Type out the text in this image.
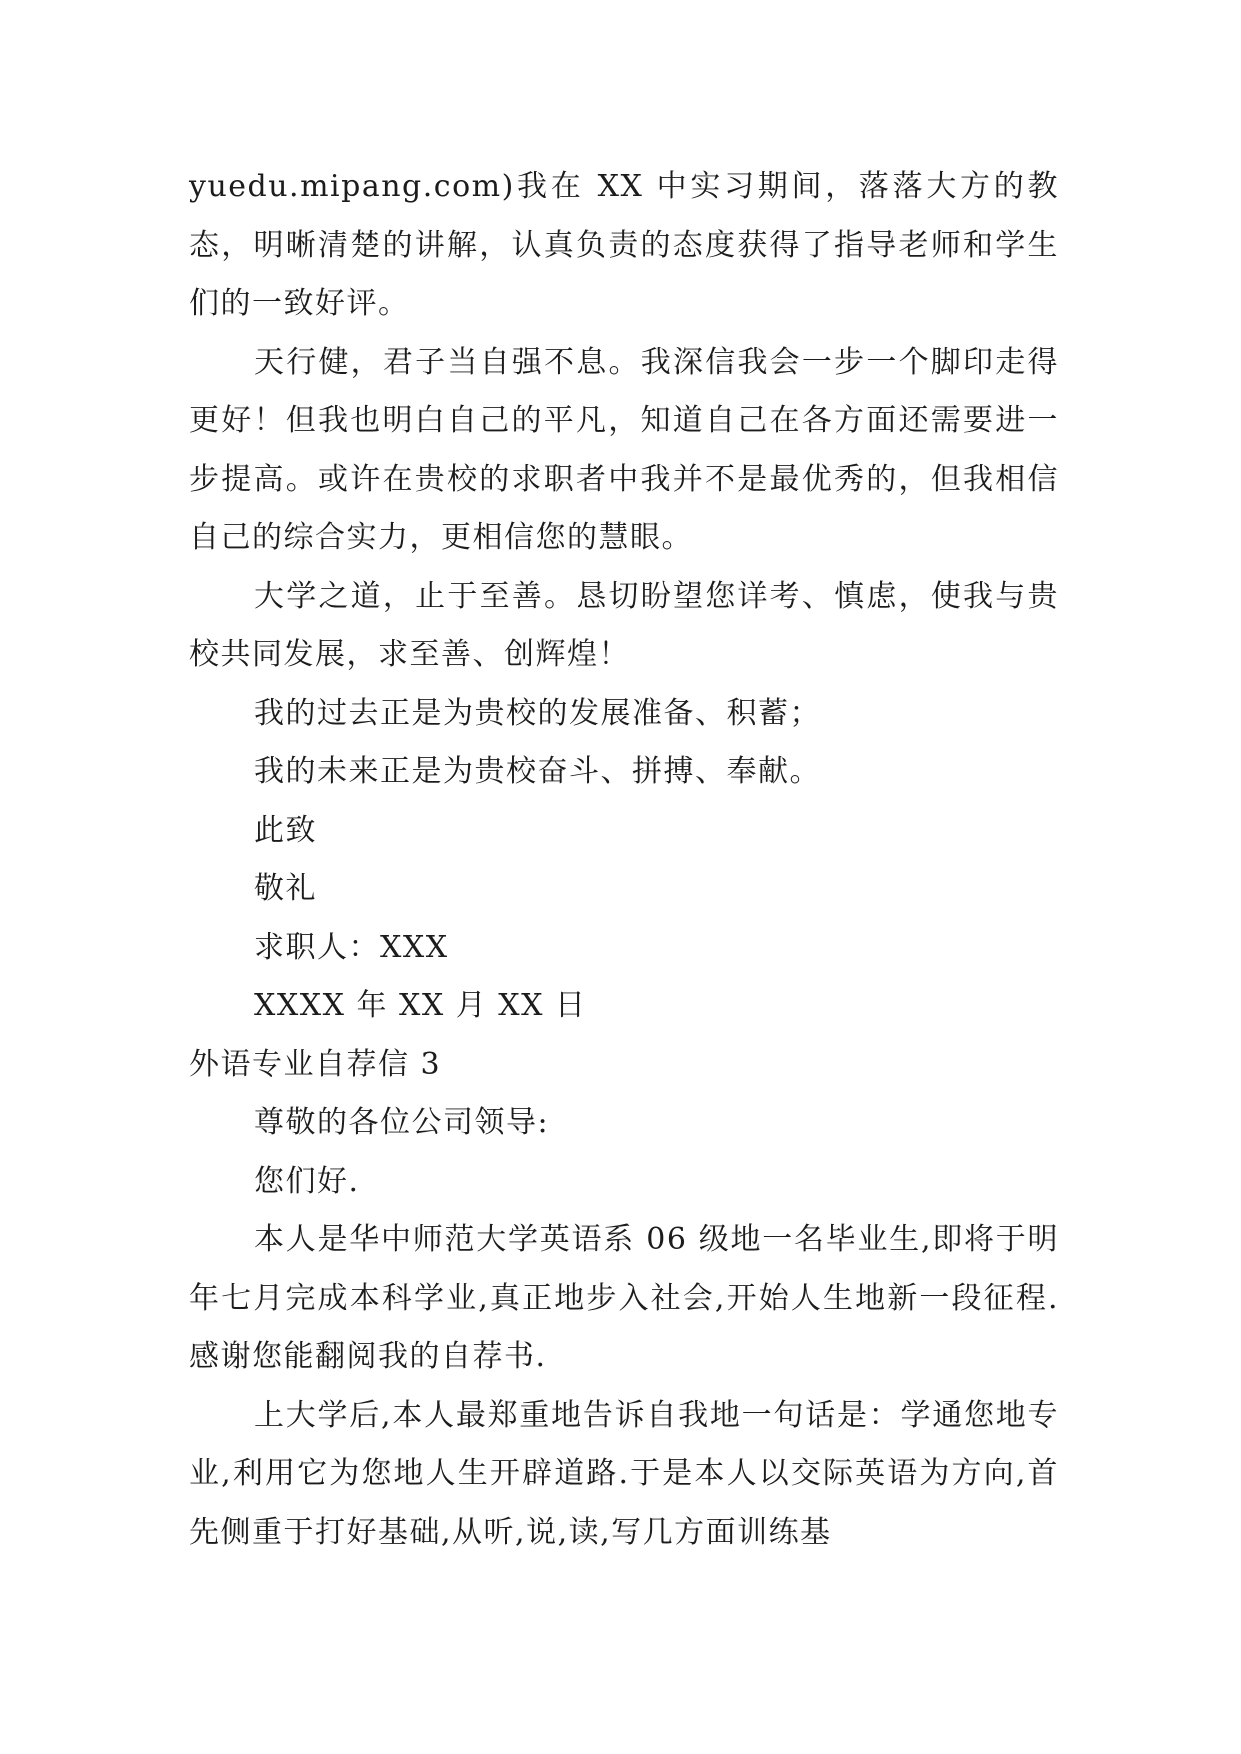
yuedu.mipang.com)我在 XX 中实习期间，落落大方的教态，明晰清楚的讲解，认真负责的态度获得了指导老师和学生们的一致好评。

天行健，君子当自强不息。我深信我会一步一个脚印走得更好！但我也明白自己的平凡，知道自己在各方面还需要进一步提高。或许在贵校的求职者中我并不是最优秀的，但我相信自己的综合实力，更相信您的慧眼。

大学之道，止于至善。恳切盼望您详考、慎虑，使我与贵校共同发展，求至善、创辉煌！

我的过去正是为贵校的发展准备、积蓄；

我的未来正是为贵校奋斗、拼搏、奉献。

此致

敬礼

求职人：XXX

XXXX 年 XX 月 XX 日

外语专业自荐信 3

尊敬的各位公司领导:

您们好.

本人是华中师范大学英语系 06 级地一名毕业生,即将于明年七月完成本科学业,真正地步入社会,开始人生地新一段征程.感谢您能翻阅我的自荐书.

上大学后,本人最郑重地告诉自我地一句话是：学通您地专业,利用它为您地人生开辟道路.于是本人以交际英语为方向,首先侧重于打好基础,从听,说,读,写几方面训练基
